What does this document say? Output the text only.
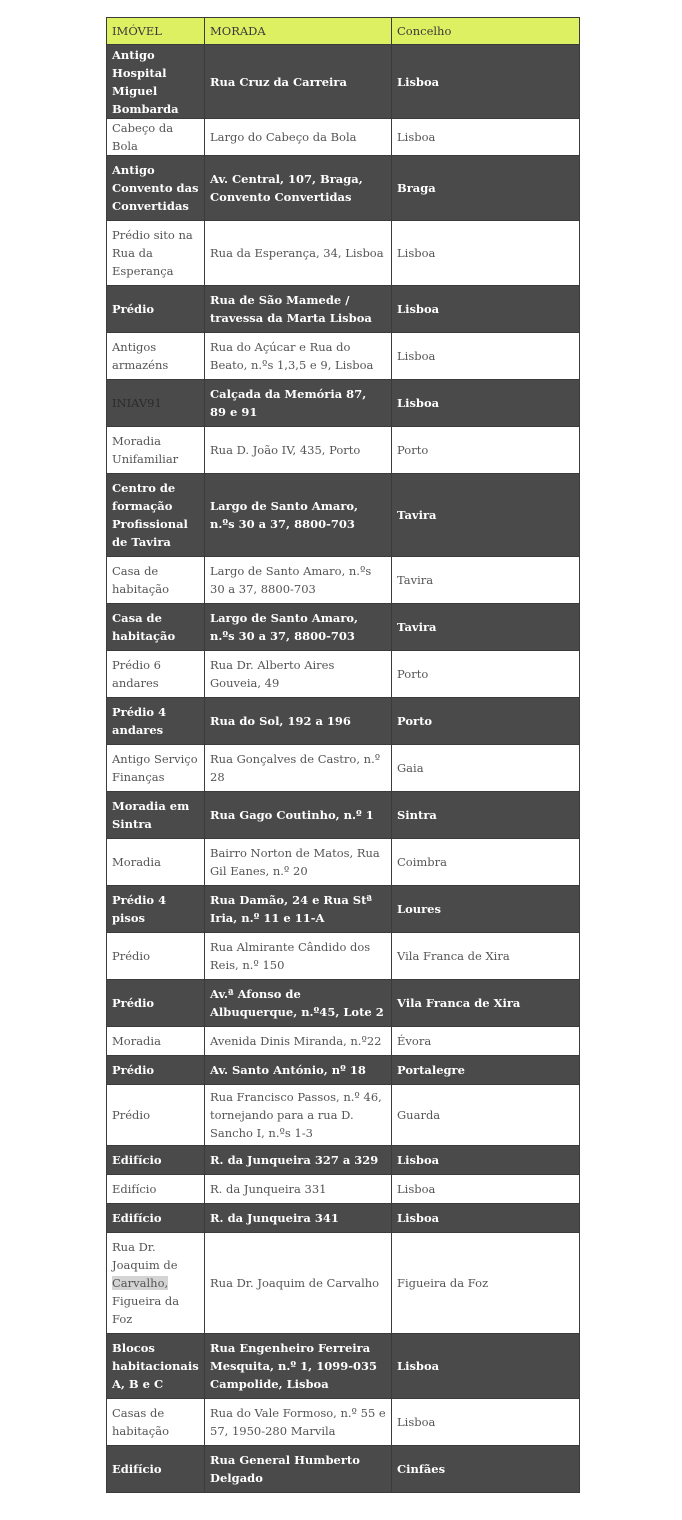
IMÓVEL	MORADA	Concelho
Antigo Hospital Miguel Bombarda	Rua Cruz da Carreira	Lisboa
Cabeço da Bola	Largo do Cabeço da Bola	Lisboa
Antigo Convento das Convertidas	Av. Central, 107, Braga, Convento Convertidas	Braga
Prédio sito na Rua da Esperança	Rua da Esperança, 34, Lisboa	Lisboa
Prédio	Rua de São Mamede / travessa da Marta Lisboa	Lisboa
Antigos armazéns	Rua do Açúcar e Rua do Beato, n.ºs 1,3,5 e 9, Lisboa	Lisboa
INIAV91	Calçada da Memória 87, 89 e 91	Lisboa
Moradia Unifamiliar	Rua D. João IV, 435, Porto	Porto
Centro de formação Profissional de Tavira	Largo de Santo Amaro, n.ºs 30 a 37, 8800-703	Tavira
Casa de habitação	Largo de Santo Amaro, n.ºs 30 a 37, 8800-703	Tavira
Casa de habitação	Largo de Santo Amaro, n.ºs 30 a 37, 8800-703	Tavira
Prédio 6 andares	Rua Dr. Alberto Aires Gouveia, 49	Porto
Prédio 4 andares	Rua do Sol, 192 a 196	Porto
Antigo Serviço Finanças	Rua Gonçalves de Castro, n.º 28	Gaia
Moradia em Sintra	Rua Gago Coutinho, n.º 1	Sintra
Moradia	Bairro Norton de Matos, Rua Gil Eanes, n.º 20	Coimbra
Prédio 4 pisos	Rua Damão, 24 e Rua Stª Iria, n.º 11 e 11-A	Loures
Prédio	Rua Almirante Cândido dos Reis, n.º 150	Vila Franca de Xira
Prédio	Av.ª Afonso de Albuquerque, n.º45, Lote 2	Vila Franca de Xira
Moradia	Avenida Dinis Miranda, n.º22	Évora
Prédio	Av. Santo António, nº 18	Portalegre
Prédio	Rua Francisco Passos, n.º 46, tornejando para a rua D. Sancho I, n.ºs 1-3	Guarda
Edifício	R. da Junqueira 327 a 329	Lisboa
Edifício	R. da Junqueira 331	Lisboa
Edifício	R. da Junqueira 341	Lisboa
Rua Dr. Joaquim de Carvalho, Figueira da Foz	Rua Dr. Joaquim de Carvalho	Figueira da Foz
Blocos habitacionais A, B e C	Rua Engenheiro Ferreira Mesquita, n.º 1, 1099-035 Campolide, Lisboa	Lisboa
Casas de habitação	Rua do Vale Formoso, n.º 55 e 57, 1950-280 Marvila	Lisboa
Edifício	Rua General Humberto Delgado	Cinfães
